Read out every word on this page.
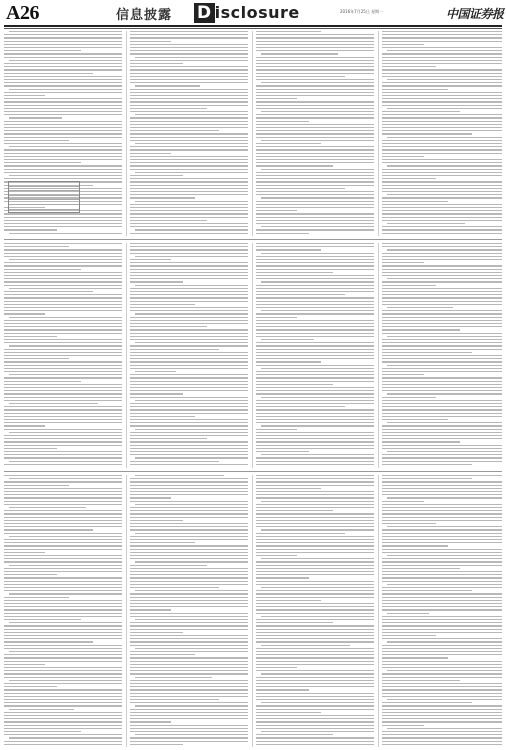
A26	信息披露 D isclosure	2016年7月25日 星期一	中国证券报
